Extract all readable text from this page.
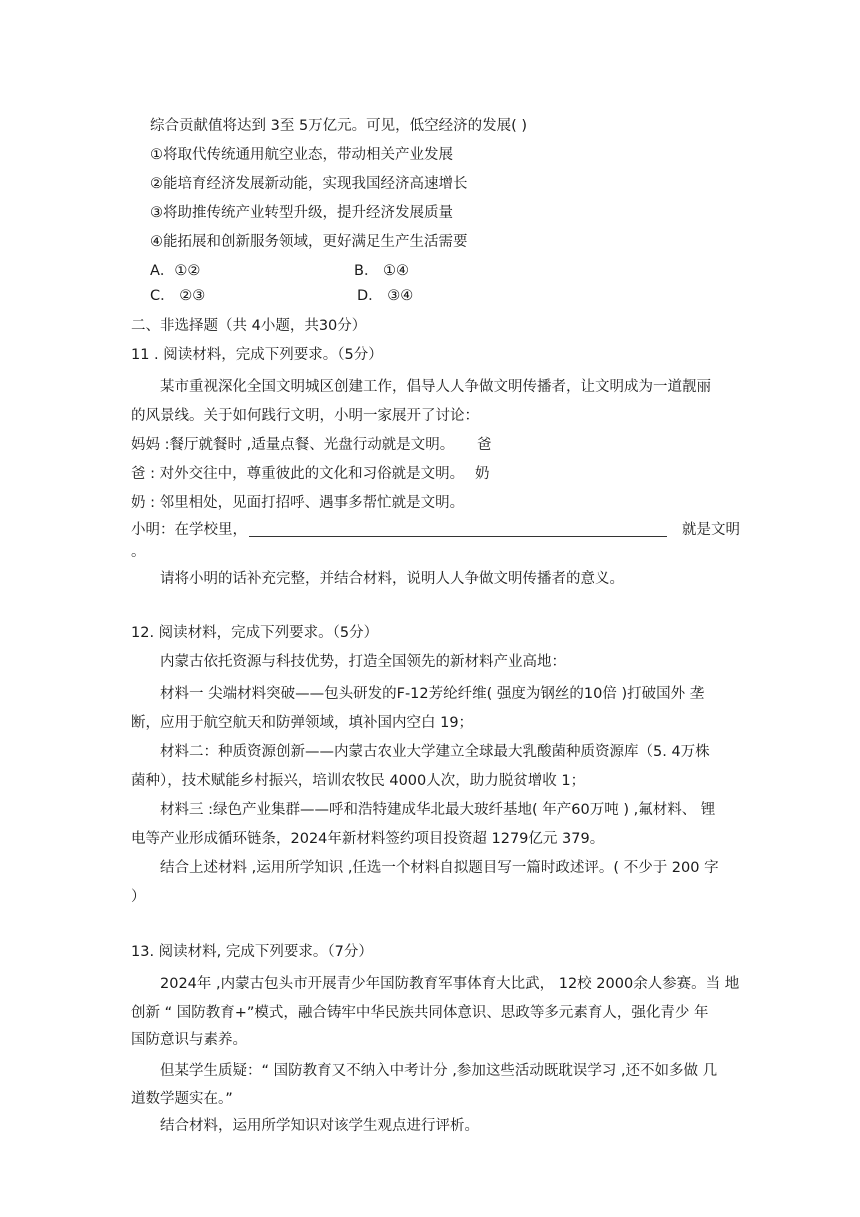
综合贡献值将达到 3至 5万亿元。可见，低空经济的发展( )
①将取代传统通用航空业态，带动相关产业发展
②能培育经济发展新动能，实现我国经济高速增长
③将助推传统产业转型升级，提升经济发展质量
④能拓展和创新服务领域，更好满足生产生活需要
A．①②	B． ①④
C． ②③	D． ③④
二、非选择题（共 4小题，共30分）
11 . 阅读材料，完成下列要求。（5分）
某市重视深化全国文明城区创建工作，倡导人人争做文明传播者，让文明成为一道靓丽
的风景线。关于如何践行文明，小明一家展开了讨论：
妈妈 :餐厅就餐时 ,适量点餐、光盘行动就是文明。 爸
爸 : 对外交往中，尊重彼此的文化和习俗就是文明。 奶
奶 : 邻里相处，见面打招呼、遇事多帮忙就是文明。
小明：在学校里，	就是文明
。
请将小明的话补充完整，并结合材料，说明人人争做文明传播者的意义。
12. 阅读材料，完成下列要求。（5分）
内蒙古依托资源与科技优势，打造全国领先的新材料产业高地：
材料一 尖端材料突破——包头研发的F-12芳纶纤维( 强度为钢丝的10倍 )打破国外 垄
断，应用于航空航天和防弹领域，填补国内空白 19；
材料二：种质资源创新——内蒙古农业大学建立全球最大乳酸菌种质资源库（5. 4万株
菌种），技术赋能乡村振兴，培训农牧民 4000人次，助力脱贫增收 1；
材料三 :绿色产业集群——呼和浩特建成华北最大玻纤基地( 年产60万吨 ) ,氟材料、 锂
电等产业形成循环链条，2024年新材料签约项目投资超 1279亿元 379。
结合上述材料 ,运用所学知识 ,任选一个材料自拟题目写一篇时政述评。( 不少于 200 字
）
13. 阅读材料, 完成下列要求。（7分）
2024年 ,内蒙古包头市开展青少年国防教育军事体育大比武， 12校 2000余人参赛。当 地
创新 “ 国防教育+”模式，融合铸牢中华民族共同体意识、思政等多元素育人，强化青少 年
国防意识与素养。
但某学生质疑：“ 国防教育又不纳入中考计分 ,参加这些活动既耽误学习 ,还不如多做 几
道数学题实在。”
结合材料，运用所学知识对该学生观点进行评析。
